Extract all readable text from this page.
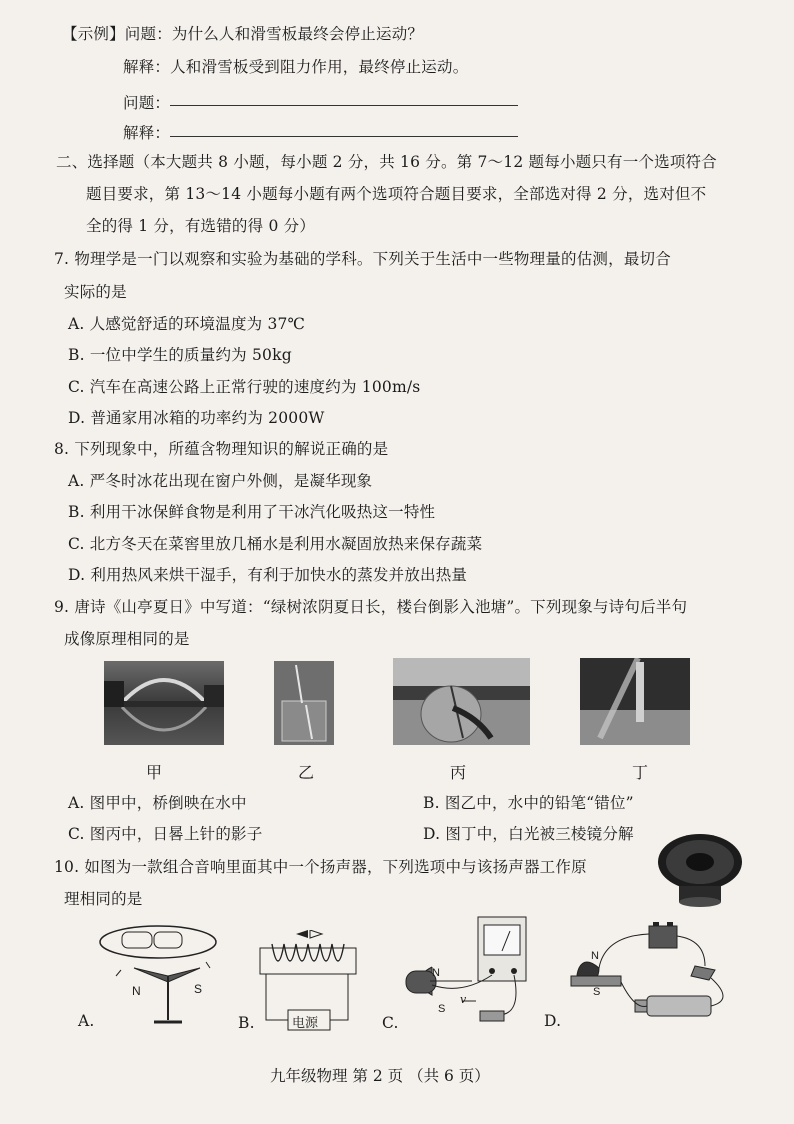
【示例】问题：为什么人和滑雪板最终会停止运动？
解释：人和滑雪板受到阻力作用，最终停止运动。
问题：
解释：
二、选择题（本大题共 8 小题，每小题 2 分，共 16 分。第 7～12 题每小题只有一个选项符合
题目要求，第 13～14 小题每小题有两个选项符合题目要求，全部选对得 2 分，选对但不
全的得 1 分，有选错的得 0 分）
7. 物理学是一门以观察和实验为基础的学科。下列关于生活中一些物理量的估测，最切合
实际的是
A. 人感觉舒适的环境温度为 37℃
B. 一位中学生的质量约为 50kg
C. 汽车在高速公路上正常行驶的速度约为 100m/s
D. 普通家用冰箱的功率约为 2000W
8. 下列现象中，所蕴含物理知识的解说正确的是
A. 严冬时冰花出现在窗户外侧，是凝华现象
B. 利用干冰保鲜食物是利用了干冰汽化吸热这一特性
C. 北方冬天在菜窖里放几桶水是利用水凝固放热来保存蔬菜
D. 利用热风来烘干湿手，有利于加快水的蒸发并放出热量
9. 唐诗《山亭夏日》中写道：“绿树浓阴夏日长，楼台倒影入池塘”。下列现象与诗句后半句
成像原理相同的是
甲	乙	丙	丁
A. 图甲中，桥倒映在水中	B. 图乙中，水中的铅笔“错位”
C. 图丙中，日晷上针的影子	D. 图丁中，白光被三棱镜分解
10. 如图为一款组合音响里面其中一个扬声器，下列选项中与该扬声器工作原
理相同的是
N	S
A.	电源
B.
N
S
v
C.
N
S
D.
九年级物理 第 2 页 （共 6 页）
